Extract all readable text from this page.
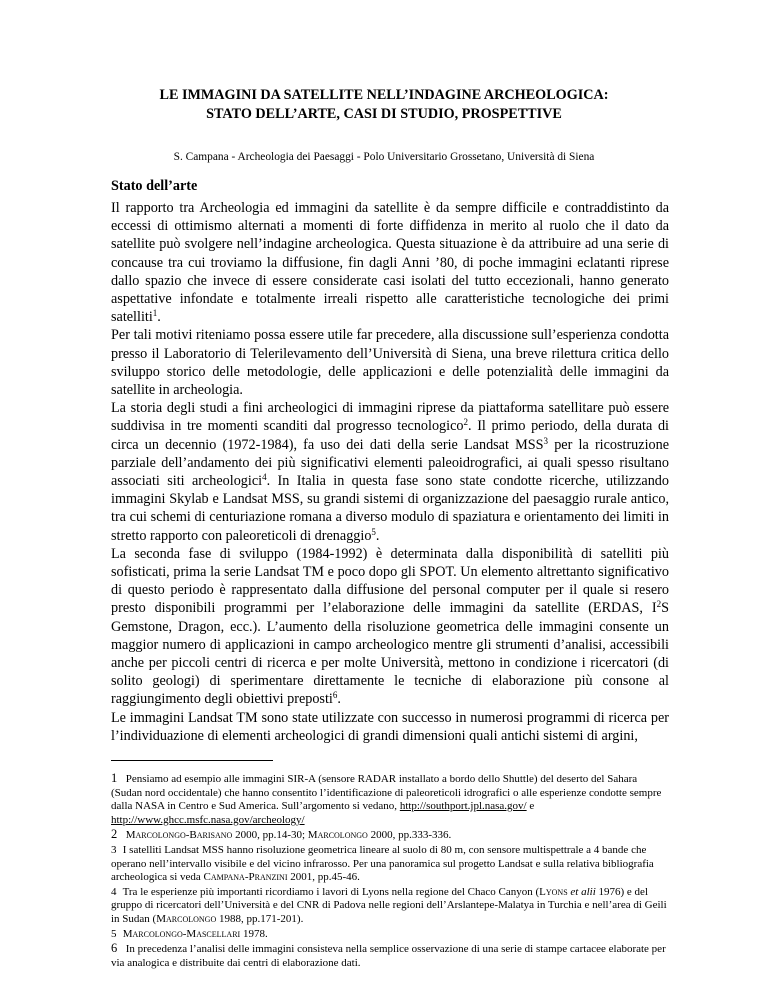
LE IMMAGINI DA SATELLITE NELL’INDAGINE ARCHEOLOGICA:
STATO DELL’ARTE, CASI DI STUDIO, PROSPETTIVE

S. Campana - Archeologia dei Paesaggi - Polo Universitario Grossetano, Università di Siena

Stato dell’arte

Il rapporto tra Archeologia ed immagini da satellite è da sempre difficile e contraddistinto da eccessi di ottimismo alternati a momenti di forte diffidenza in merito al ruolo che il dato da satellite può svolgere nell’indagine archeologica. Questa situazione è da attribuire ad una serie di concause tra cui troviamo la diffusione, fin dagli Anni ’80, di poche immagini eclatanti riprese dallo spazio che invece di essere considerate casi isolati del tutto eccezionali, hanno generato aspettative infondate e totalmente irreali rispetto alle caratteristiche tecnologiche dei primi satelliti$^1$.

Per tali motivi riteniamo possa essere utile far precedere, alla discussione sull’esperienza condotta presso il Laboratorio di Telerilevamento dell’Università di Siena, una breve rilettura critica dello sviluppo storico delle metodologie, delle applicazioni e delle potenzialità delle immagini da satellite in archeologia.

La storia degli studi a fini archeologici di immagini riprese da piattaforma satellitare può essere suddivisa in tre momenti scanditi dal progresso tecnologico$^2$. Il primo periodo, della durata di circa un decennio (1972-1984), fa uso dei dati della serie Landsat MSS$^3$ per la ricostruzione parziale dell’andamento dei più significativi elementi paleoidrografici, ai quali spesso risultano associati siti archeologici$^4$. In Italia in questa fase sono state condotte ricerche, utilizzando immagini Skylab e Landsat MSS, su grandi sistemi di organizzazione del paesaggio rurale antico, tra cui schemi di centuriazione romana a diverso modulo di spaziatura e orientamento dei limiti in stretto rapporto con paleoreticoli di drenaggio$^5$.

La seconda fase di sviluppo (1984-1992) è determinata dalla disponibilità di satelliti più sofisticati, prima la serie Landsat TM e poco dopo gli SPOT. Un elemento altrettanto significativo di questo periodo è rappresentato dalla diffusione del personal computer per il quale si resero presto disponibili programmi per l’elaborazione delle immagini da satellite (ERDAS, $I^2S$ Gemstone, Dragon, ecc.). L’aumento della risoluzione geometrica delle immagini consente un maggior numero di applicazioni in campo archeologico mentre gli strumenti d’analisi, accessibili anche per piccoli centri di ricerca e per molte Università, mettono in condizione i ricercatori (di solito geologi) di sperimentare direttamente le tecniche di elaborazione più consone al raggiungimento degli obiettivi preposti$^6$.

Le immagini Landsat TM sono state utilizzate con successo in numerosi programmi di ricerca per l’individuazione di elementi archeologici di grandi dimensioni quali antichi sistemi di argini,

1 Pensiamo ad esempio alle immagini SIR-A (sensore RADAR installato a bordo dello Shuttle) del deserto del Sahara (Sudan nord occidentale) che hanno consentito l’identificazione di paleoreticoli idrografici o alle esperienze condotte sempre dalla NASA in Centro e Sud America. Sull’argomento si vedano, http://southport.jpl.nasa.gov/ e http://www.ghcc.msfc.nasa.gov/archeology/

2 Marcolongo-Barisano 2000, pp.14-30; Marcolongo 2000, pp.333-336.

3 I satelliti Landsat MSS hanno risoluzione geometrica lineare al suolo di 80 m, con sensore multispettrale a 4 bande che operano nell’intervallo visibile e del vicino infrarosso. Per una panoramica sul progetto Landsat e sulla relativa bibliografia archeologica si veda Campana-Pranzini 2001, pp.45-46.

4 Tra le esperienze più importanti ricordiamo i lavori di Lyons nella regione del Chaco Canyon (Lyons et alii 1976) e del gruppo di ricercatori dell’Università e del CNR di Padova nelle regioni dell’Arslantepe-Malatya in Turchia e nell’area di Geili in Sudan (Marcolongo 1988, pp.171-201).

5 Marcolongo-Mascellari 1978.

6 In precedenza l’analisi delle immagini consisteva nella semplice osservazione di una serie di stampe cartacee elaborate per via analogica e distribuite dai centri di elaborazione dati.
